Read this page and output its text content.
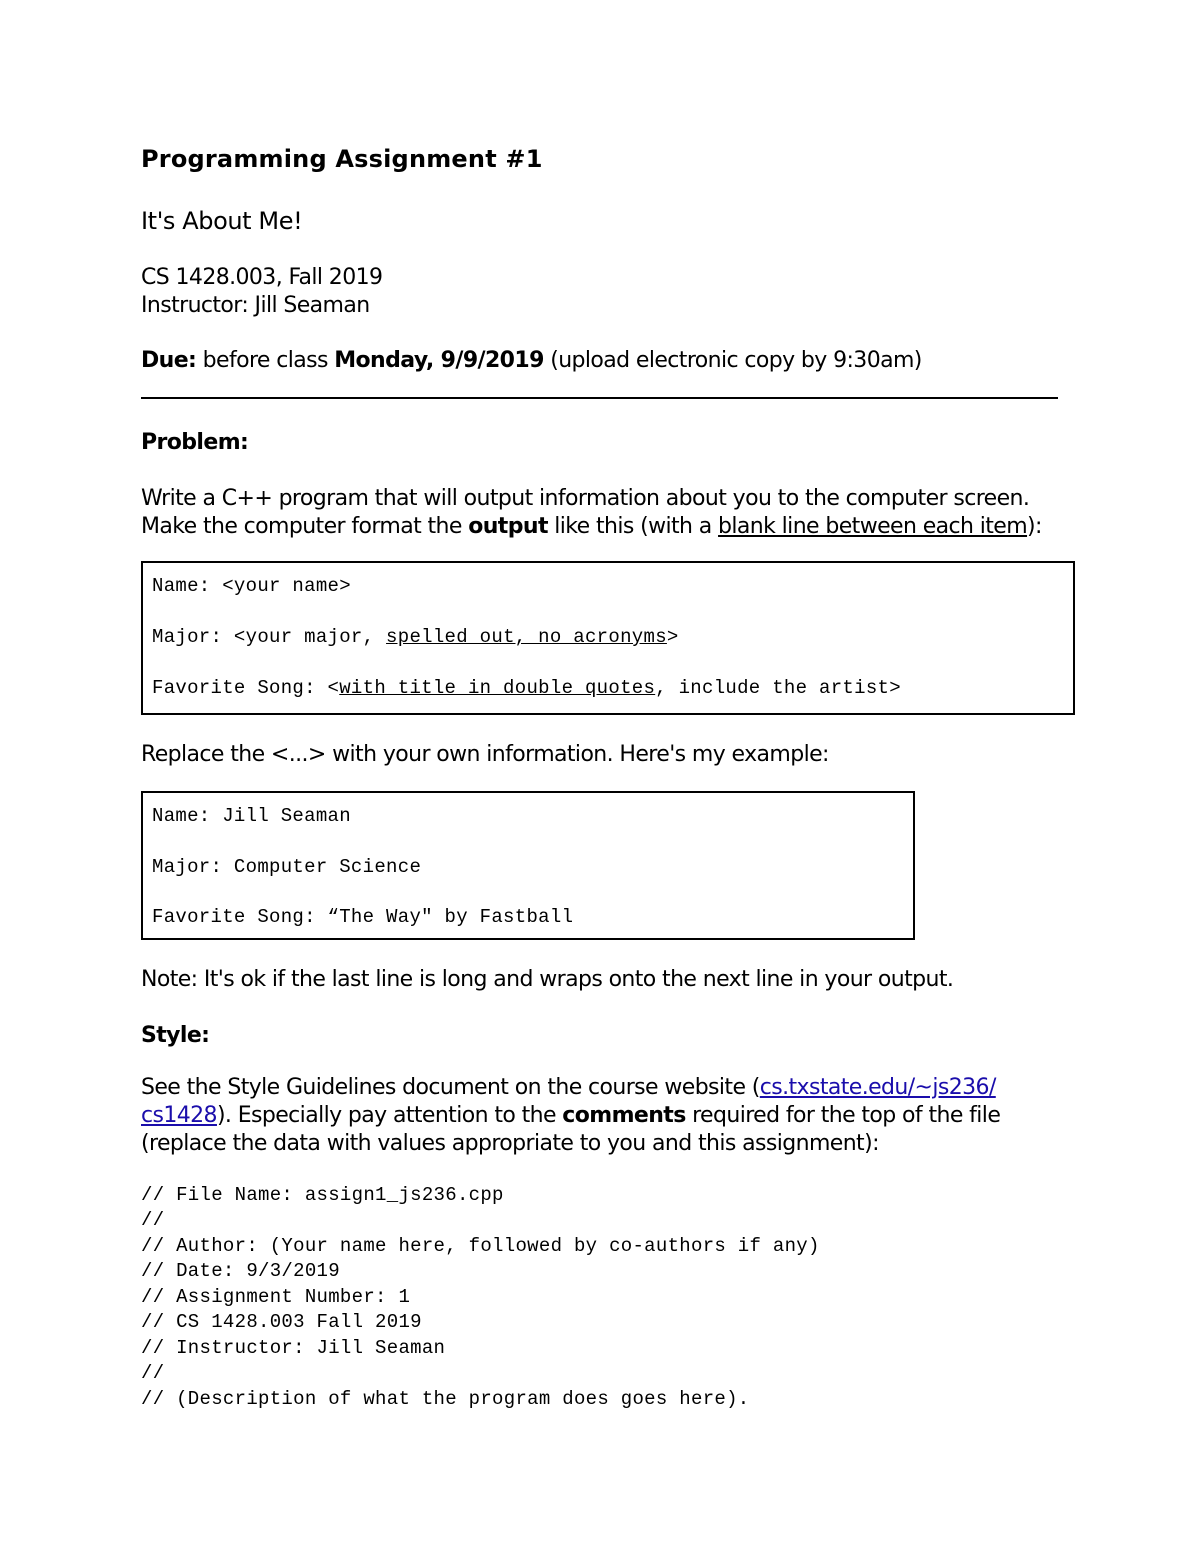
Programming Assignment #1
It's About Me!
CS 1428.003, Fall 2019
Instructor: Jill Seaman
Due: before class Monday, 9/9/2019 (upload electronic copy by 9:30am)
Problem:
Write a C++ program that will output information about you to the computer screen.
Make the computer format the output like this (with a blank line between each item):
Name: <your name>
Major: <your major, spelled out, no acronyms>
Favorite Song: <with title in double quotes, include the artist>
Replace the <...> with your own information. Here's my example:
Name: Jill Seaman
Major: Computer Science
Favorite Song: “The Way" by Fastball
Note: It's ok if the last line is long and wraps onto the next line in your output.
Style:
See the Style Guidelines document on the course website (cs.txstate.edu/~js236/
cs1428). Especially pay attention to the comments required for the top of the file
(replace the data with values appropriate to you and this assignment):
// File Name: assign1_js236.cpp
//
// Author: (Your name here, followed by co-authors if any)
// Date: 9/3/2019
// Assignment Number: 1
// CS 1428.003 Fall 2019
// Instructor: Jill Seaman
//
// (Description of what the program does goes here).
